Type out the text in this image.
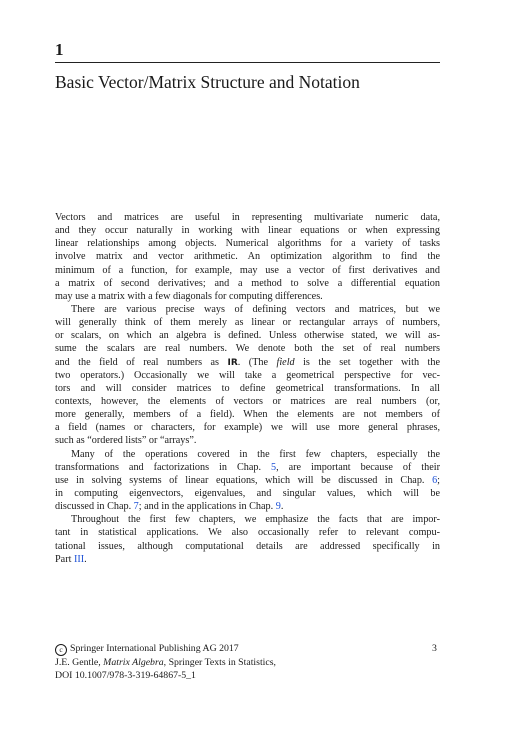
1
Basic Vector/Matrix Structure and Notation
Vectors and matrices are useful in representing multivariate numeric data,
and they occur naturally in working with linear equations or when expressing
linear relationships among objects. Numerical algorithms for a variety of tasks
involve matrix and vector arithmetic. An optimization algorithm to find the
minimum of a function, for example, may use a vector of first derivatives and
a matrix of second derivatives; and a method to solve a differential equation
may use a matrix with a few diagonals for computing differences.
There are various precise ways of defining vectors and matrices, but we
will generally think of them merely as linear or rectangular arrays of numbers,
or scalars, on which an algebra is defined. Unless otherwise stated, we will as-
sume the scalars are real numbers. We denote both the set of real numbers
and the field of real numbers as IR. (The field is the set together with the
two operators.) Occasionally we will take a geometrical perspective for vec-
tors and will consider matrices to define geometrical transformations. In all
contexts, however, the elements of vectors or matrices are real numbers (or,
more generally, members of a field). When the elements are not members of
a field (names or characters, for example) we will use more general phrases,
such as “ordered lists” or “arrays”.
Many of the operations covered in the first few chapters, especially the
transformations and factorizations in Chap. 5, are important because of their
use in solving systems of linear equations, which will be discussed in Chap. 6;
in computing eigenvectors, eigenvalues, and singular values, which will be
discussed in Chap. 7; and in the applications in Chap. 9.
Throughout the first few chapters, we emphasize the facts that are impor-
tant in statistical applications. We also occasionally refer to relevant compu-
tational issues, although computational details are addressed specifically in
Part III.
c Springer International Publishing AG 2017
J.E. Gentle, Matrix Algebra, Springer Texts in Statistics,
DOI 10.1007/978-3-319-64867-5_1
3
